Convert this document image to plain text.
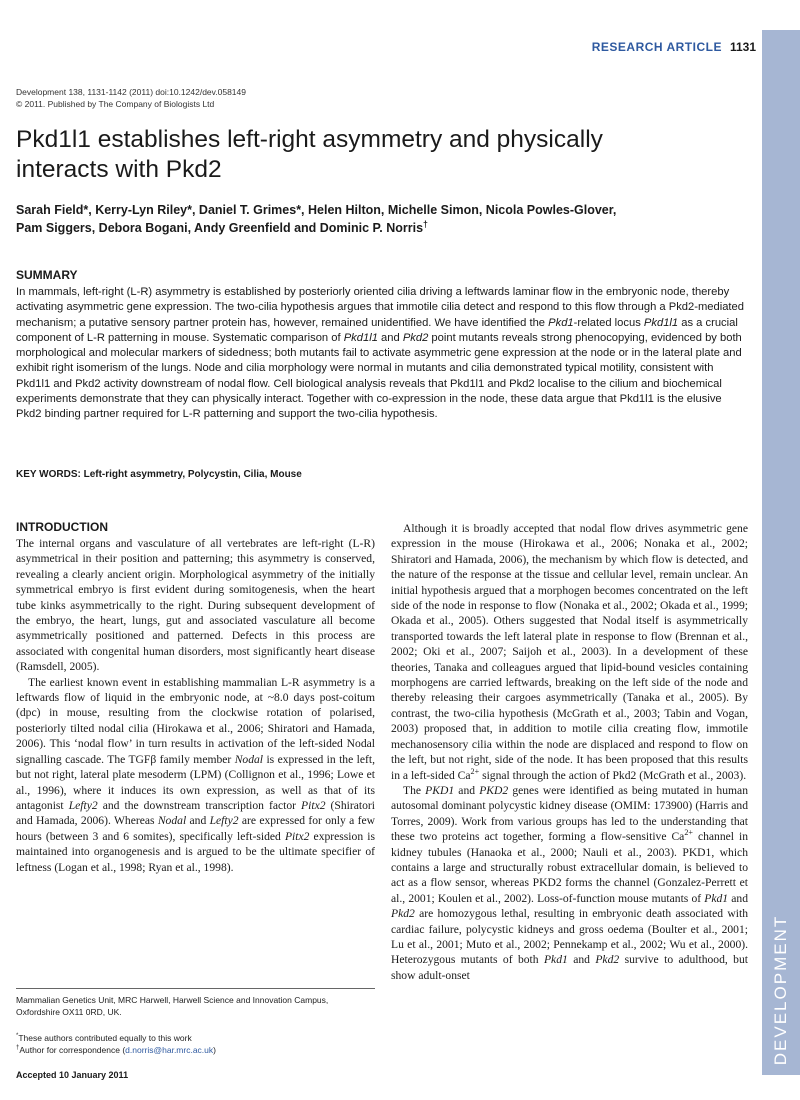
DEVELOPMENT
RESEARCH ARTICLE 1131
Development 138, 1131-1142 (2011) doi:10.1242/dev.058149
© 2011. Published by The Company of Biologists Ltd
Pkd1l1 establishes left-right asymmetry and physically
interacts with Pkd2
Sarah Field*, Kerry-Lyn Riley*, Daniel T. Grimes*, Helen Hilton, Michelle Simon, Nicola Powles-Glover,
Pam Siggers, Debora Bogani, Andy Greenfield and Dominic P. Norris†
SUMMARY

In mammals, left-right (L-R) asymmetry is established by posteriorly oriented cilia driving a leftwards laminar flow in the embryonic node, thereby activating asymmetric gene expression. The two-cilia hypothesis argues that immotile cilia detect and respond to this flow through a Pkd2-mediated mechanism; a putative sensory partner protein has, however, remained unidentified. We have identified the Pkd1-related locus Pkd1l1 as a crucial component of L-R patterning in mouse. Systematic comparison of Pkd1l1 and Pkd2 point mutants reveals strong phenocopying, evidenced by both morphological and molecular markers of sidedness; both mutants fail to activate asymmetric gene expression at the node or in the lateral plate and exhibit right isomerism of the lungs. Node and cilia morphology were normal in mutants and cilia demonstrated typical motility, consistent with Pkd1l1 and Pkd2 activity downstream of nodal flow. Cell biological analysis reveals that Pkd1l1 and Pkd2 localise to the cilium and biochemical experiments demonstrate that they can physically interact. Together with co-expression in the node, these data argue that Pkd1l1 is the elusive Pkd2 binding partner required for L-R patterning and support the two-cilia hypothesis.

KEY WORDS: Left-right asymmetry, Polycystin, Cilia, Mouse
INTRODUCTION

The internal organs and vasculature of all vertebrates are left-right (L-R) asymmetrical in their position and patterning; this asymmetry is conserved, revealing a clearly ancient origin. Morphological asymmetry of the initially symmetrical embryo is first evident during somitogenesis, when the heart tube kinks asymmetrically to the right. During subsequent development of the embryo, the heart, lungs, gut and associated vasculature all become asymmetrically positioned and patterned. Defects in this process are associated with congenital human disorders, most significantly heart disease (Ramsdell, 2005).

The earliest known event in establishing mammalian L-R asymmetry is a leftwards flow of liquid in the embryonic node, at ~8.0 days post-coitum (dpc) in mouse, resulting from the clockwise rotation of polarised, posteriorly tilted nodal cilia (Hirokawa et al., 2006; Shiratori and Hamada, 2006). This ‘nodal flow’ in turn results in activation of the left-sided Nodal signalling cascade. The TGFβ family member Nodal is expressed in the left, but not right, lateral plate mesoderm (LPM) (Collignon et al., 1996; Lowe et al., 1996), where it induces its own expression, as well as that of its antagonist Lefty2 and the downstream transcription factor Pitx2 (Shiratori and Hamada, 2006). Whereas Nodal and Lefty2 are expressed for only a few hours (between 3 and 6 somites), specifically left-sided Pitx2 expression is maintained into organogenesis and is argued to be the ultimate specifier of leftness (Logan et al., 1998; Ryan et al., 1998).

Although it is broadly accepted that nodal flow drives asymmetric gene expression in the mouse (Hirokawa et al., 2006; Nonaka et al., 2002; Shiratori and Hamada, 2006), the mechanism by which flow is detected, and the nature of the response at the tissue and cellular level, remain unclear. An initial hypothesis argued that a morphogen becomes concentrated on the left side of the node in response to flow (Nonaka et al., 2002; Okada et al., 1999; Okada et al., 2005). Others suggested that Nodal itself is asymmetrically transported towards the left lateral plate in response to flow (Brennan et al., 2002; Oki et al., 2007; Saijoh et al., 2003). In a development of these theories, Tanaka and colleagues argued that lipid-bound vesicles containing morphogens are carried leftwards, breaking on the left side of the node and thereby releasing their cargoes asymmetrically (Tanaka et al., 2005). By contrast, the two-cilia hypothesis (McGrath et al., 2003; Tabin and Vogan, 2003) proposed that, in addition to motile cilia creating flow, immotile mechanosensory cilia within the node are displaced and respond to flow on the left, but not right, side of the node. It has been proposed that this results in a left-sided $Ca^{2+}$ signal through the action of Pkd2 (McGrath et al., 2003).

The PKD1 and PKD2 genes were identified as being mutated in human autosomal dominant polycystic kidney disease (OMIM: 173900) (Harris and Torres, 2009). Work from various groups has led to the understanding that these two proteins act together, forming a flow-sensitive $Ca^{2+}$ channel in kidney tubules (Hanaoka et al., 2000; Nauli et al., 2003). PKD1, which contains a large and structurally robust extracellular domain, is believed to act as a flow sensor, whereas PKD2 forms the channel (Gonzalez-Perrett et al., 2001; Koulen et al., 2002). Loss-of-function mouse mutants of Pkd1 and Pkd2 are homozygous lethal, resulting in embryonic death associated with cardiac failure, polycystic kidneys and gross oedema (Boulter et al., 2001; Lu et al., 2001; Muto et al., 2002; Pennekamp et al., 2002; Wu et al., 2000). Heterozygous mutants of both Pkd1 and Pkd2 survive to adulthood, but show adult-onset

Mammalian Genetics Unit, MRC Harwell, Harwell Science and Innovation Campus,
Oxfordshire OX11 0RD, UK.
*These authors contributed equally to this work
†Author for correspondence (d.norris@har.mrc.ac.uk)
Accepted 10 January 2011
